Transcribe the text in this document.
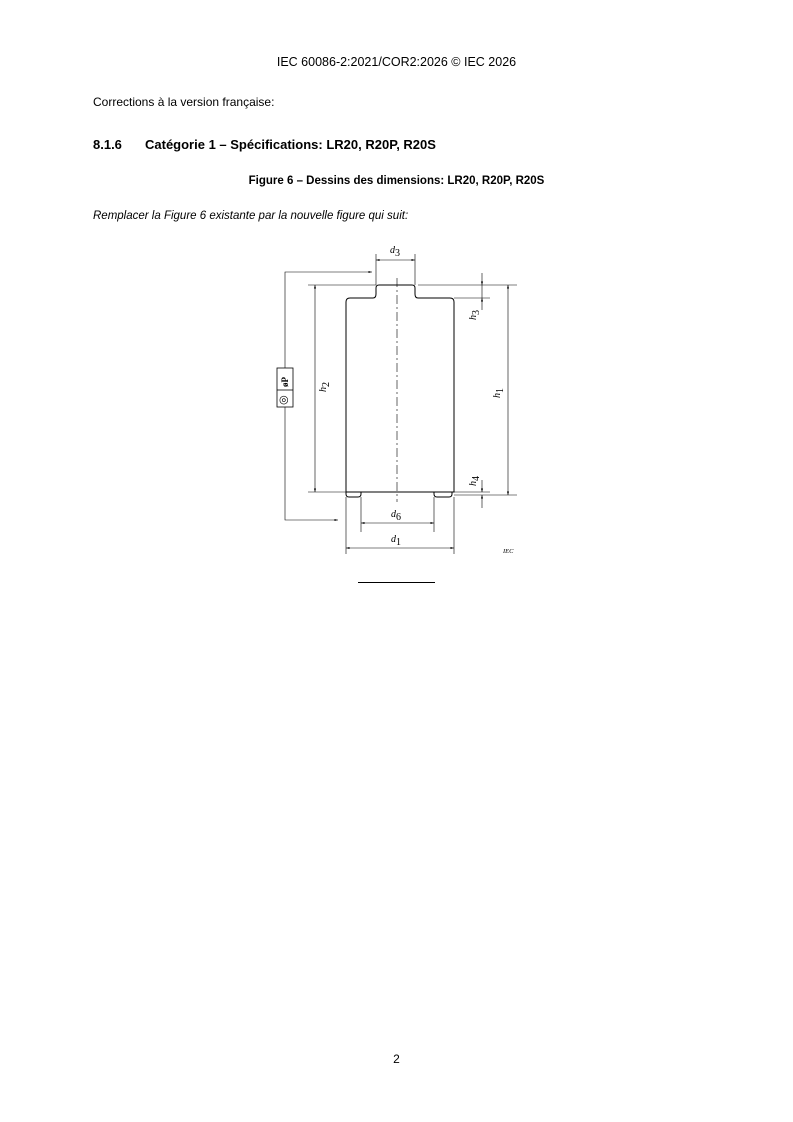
IEC 60086-2:2021/COR2:2026 © IEC 2026
Corrections à la version française:
8.1.6 Catégorie 1 – Spécifications: LR20, R20P, R20S
Figure 6 – Dessins des dimensions: LR20, R20P, R20S
Remplacer la Figure 6 existante par la nouvelle figure qui suit:
d3
d6
d1
h1
h2
h3
h4
øP
◎
IEC
2
